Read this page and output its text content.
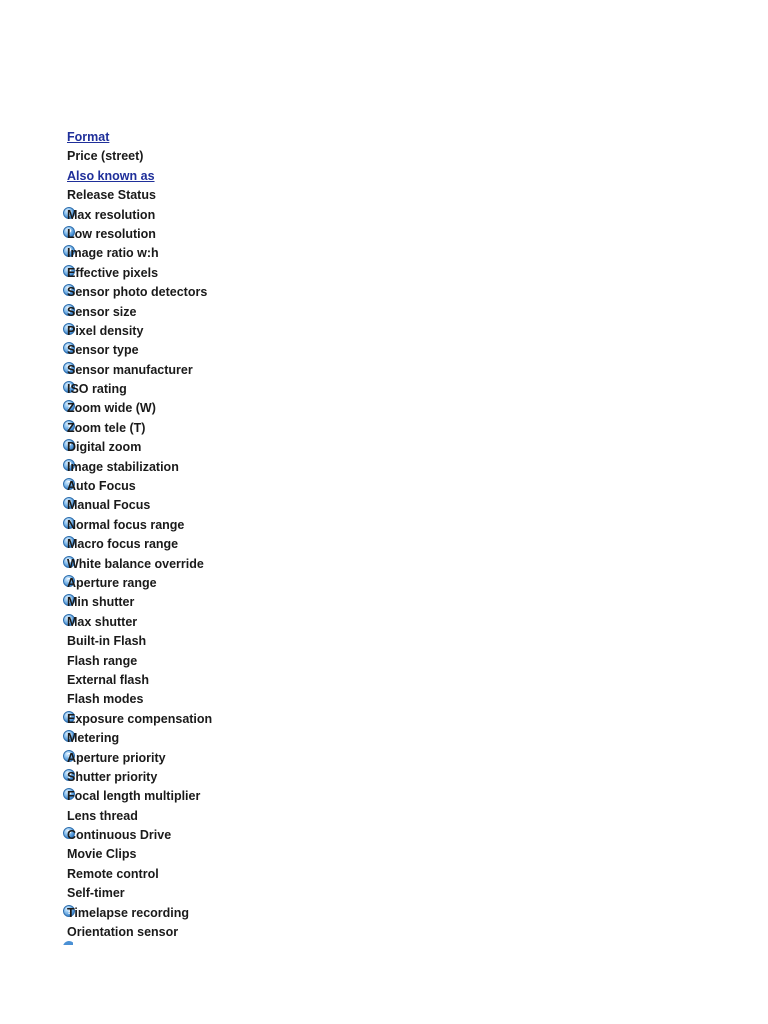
Format
Price (street)
Also known as
Release Status
?
Max resolution
?
Low resolution
?
Image ratio w:h
?
Effective pixels
?
Sensor photo detectors
?
Sensor size
?
Pixel density
?
Sensor type
?
Sensor manufacturer
?
ISO rating
?
Zoom wide (W)
?
Zoom tele (T)
?
Digital zoom
?
Image stabilization
?
Auto Focus
?
Manual Focus
?
Normal focus range
?
Macro focus range
?
White balance override
?
Aperture range
?
Min shutter
?
Max shutter
Built-in Flash
Flash range
External flash
Flash modes
?
Exposure compensation
?
Metering
?
Aperture priority
?
Shutter priority
?
Focal length multiplier
Lens thread
?
Continuous Drive
Movie Clips
Remote control
Self-timer
?
Timelapse recording
Orientation sensor
